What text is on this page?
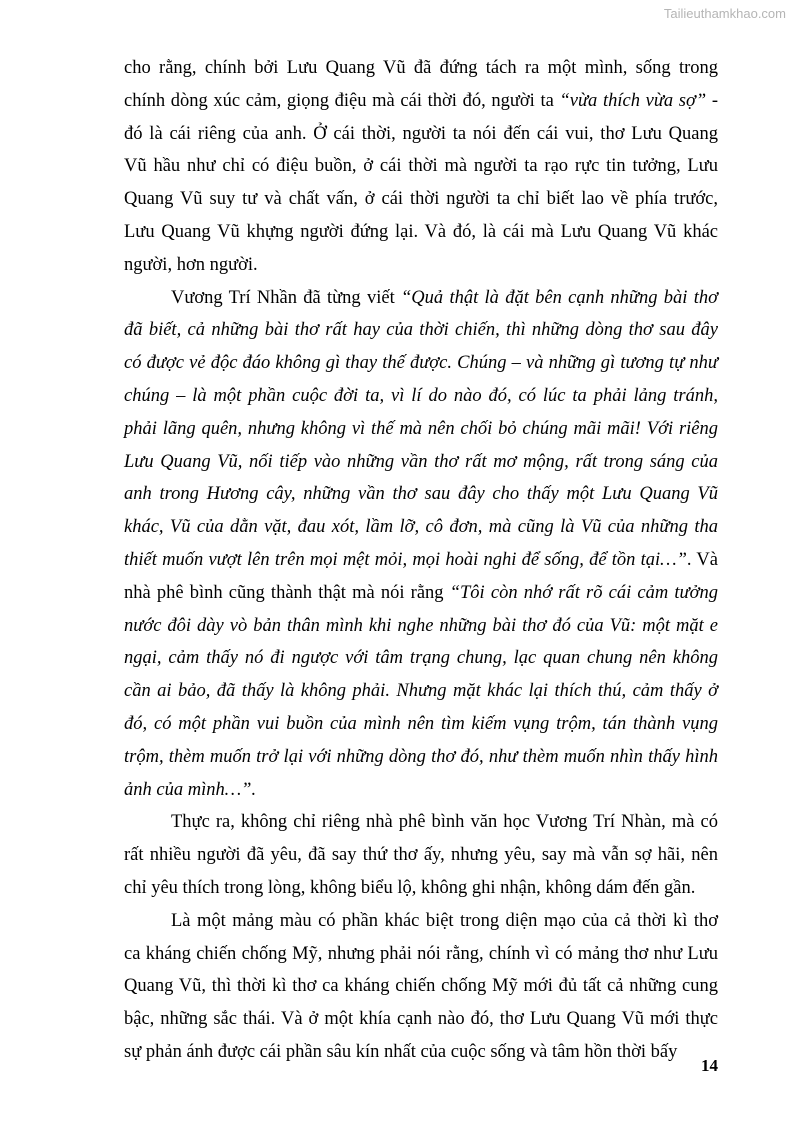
Tailieuthamkhao.com
cho rằng, chính bởi Lưu Quang Vũ đã đứng tách ra một mình, sống trong
chính dòng xúc cảm, giọng điệu mà cái thời đó, người ta “vừa thích vừa sợ” -
đó là cái riêng của anh. Ở cái thời, người ta nói đến cái vui, thơ Lưu Quang
Vũ hầu như chỉ có điệu buồn, ở cái thời mà người ta rạo rực tin tưởng, Lưu
Quang Vũ suy tư và chất vấn, ở cái thời người ta chỉ biết lao về phía trước,
Lưu Quang Vũ khựng người đứng lại. Và đó, là cái mà Lưu Quang Vũ khác
người, hơn người.
Vương Trí Nhần đã từng viết “Quả thật là đặt bên cạnh những bài thơ
đã biết, cả những bài thơ rất hay của thời chiến, thì những dòng thơ sau đây
có được vẻ độc đáo không gì thay thế được. Chúng – và những gì tương tự như
chúng – là một phần cuộc đời ta, vì lí do nào đó, có lúc ta phải lảng tránh,
phải lãng quên, nhưng không vì thế mà nên chối bỏ chúng mãi mãi! Với riêng
Lưu Quang Vũ, nối tiếp vào những vần thơ rất mơ mộng, rất trong sáng của
anh trong Hương cây, những vần thơ sau đây cho thấy một Lưu Quang Vũ
khác, Vũ của dằn vặt, đau xót, lầm lỡ, cô đơn, mà cũng là Vũ của những tha
thiết muốn vượt lên trên mọi mệt mỏi, mọi hoài nghi để sống, để tồn tại…”. Và
nhà phê bình cũng thành thật mà nói rằng “Tôi còn nhớ rất rõ cái cảm tưởng
nước đôi dày vò bản thân mình khi nghe những bài thơ đó của Vũ: một mặt e
ngại, cảm thấy nó đi ngược với tâm trạng chung, lạc quan chung nên không
cần ai bảo, đã thấy là không phải. Nhưng mặt khác lại thích thú, cảm thấy ở
đó, có một phần vui buồn của mình nên tìm kiếm vụng trộm, tán thành vụng
trộm, thèm muốn trở lại với những dòng thơ đó, như thèm muốn nhìn thấy hình
ảnh của mình…”.
Thực ra, không chỉ riêng nhà phê bình văn học Vương Trí Nhàn, mà có
rất nhiều người đã yêu, đã say thứ thơ ấy, nhưng yêu, say mà vẫn sợ hãi, nên
chỉ yêu thích trong lòng, không biểu lộ, không ghi nhận, không dám đến gần.
Là một mảng màu có phần khác biệt trong diện mạo của cả thời kì thơ
ca kháng chiến chống Mỹ, nhưng phải nói rằng, chính vì có mảng thơ như Lưu
Quang Vũ, thì thời kì thơ ca kháng chiến chống Mỹ mới đủ tất cả những cung
bậc, những sắc thái. Và ở một khía cạnh nào đó, thơ Lưu Quang Vũ mới thực
sự phản ánh được cái phần sâu kín nhất của cuộc sống và tâm hồn thời bấy
14
